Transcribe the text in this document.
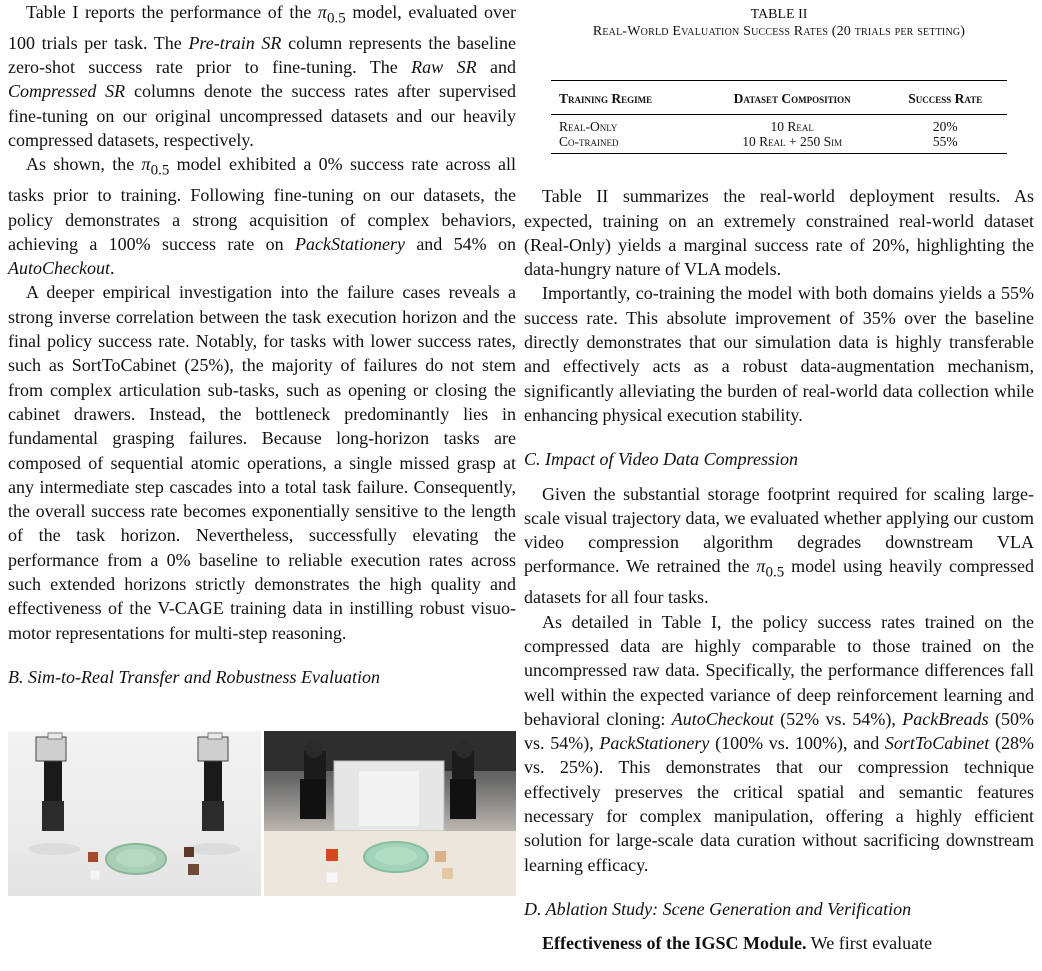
Table I reports the performance of the $\pi_{0.5}$ model, evaluated over 100 trials per task. The Pre-train SR column represents the baseline zero-shot success rate prior to fine-tuning. The Raw SR and Compressed SR columns denote the success rates after supervised fine-tuning on our original uncompressed datasets and our heavily compressed datasets, respectively.

As shown, the $\pi_{0.5}$ model exhibited a 0% success rate across all tasks prior to training. Following fine-tuning on our datasets, the policy demonstrates a strong acquisition of complex behaviors, achieving a 100% success rate on PackStationery and 54% on AutoCheckout.

A deeper empirical investigation into the failure cases reveals a strong inverse correlation between the task execution horizon and the final policy success rate. Notably, for tasks with lower success rates, such as SortToCabinet (25%), the majority of failures do not stem from complex articulation sub-tasks, such as opening or closing the cabinet drawers. Instead, the bottleneck predominantly lies in fundamental grasping failures. Because long-horizon tasks are composed of sequential atomic operations, a single missed grasp at any intermediate step cascades into a total task failure. Consequently, the overall success rate becomes exponentially sensitive to the length of the task horizon. Nevertheless, successfully elevating the performance from a 0% baseline to reliable execution rates across such extended horizons strictly demonstrates the high quality and effectiveness of the V-CAGE training data in instilling robust visuo-motor representations for multi-step reasoning.

B. Sim-to-Real Transfer and Robustness Evaluation

TABLE II
Real-World Evaluation Success Rates (20 trials per setting)
Training Regime	Dataset Composition	Success Rate
Real-Only	10 Real	20%
Co-trained	10 Real + 250 Sim	55%

Table II summarizes the real-world deployment results. As expected, training on an extremely constrained real-world dataset (Real-Only) yields a marginal success rate of 20%, highlighting the data-hungry nature of VLA models.

Importantly, co-training the model with both domains yields a 55% success rate. This absolute improvement of 35% over the baseline directly demonstrates that our simulation data is highly transferable and effectively acts as a robust data-augmentation mechanism, significantly alleviating the burden of real-world data collection while enhancing physical execution stability.

C. Impact of Video Data Compression

Given the substantial storage footprint required for scaling large-scale visual trajectory data, we evaluated whether applying our custom video compression algorithm degrades downstream VLA performance. We retrained the $\pi_{0.5}$ model using heavily compressed datasets for all four tasks.

As detailed in Table I, the policy success rates trained on the compressed data are highly comparable to those trained on the uncompressed raw data. Specifically, the performance differences fall well within the expected variance of deep reinforcement learning and behavioral cloning: AutoCheckout (52% vs. 54%), PackBreads (50% vs. 54%), PackStationery (100% vs. 100%), and SortToCabinet (28% vs. 25%). This demonstrates that our compression technique effectively preserves the critical spatial and semantic features necessary for complex manipulation, offering a highly efficient solution for large-scale data curation without sacrificing downstream learning efficacy.

D. Ablation Study: Scene Generation and Verification

Effectiveness of the IGSC Module. We first evaluate
